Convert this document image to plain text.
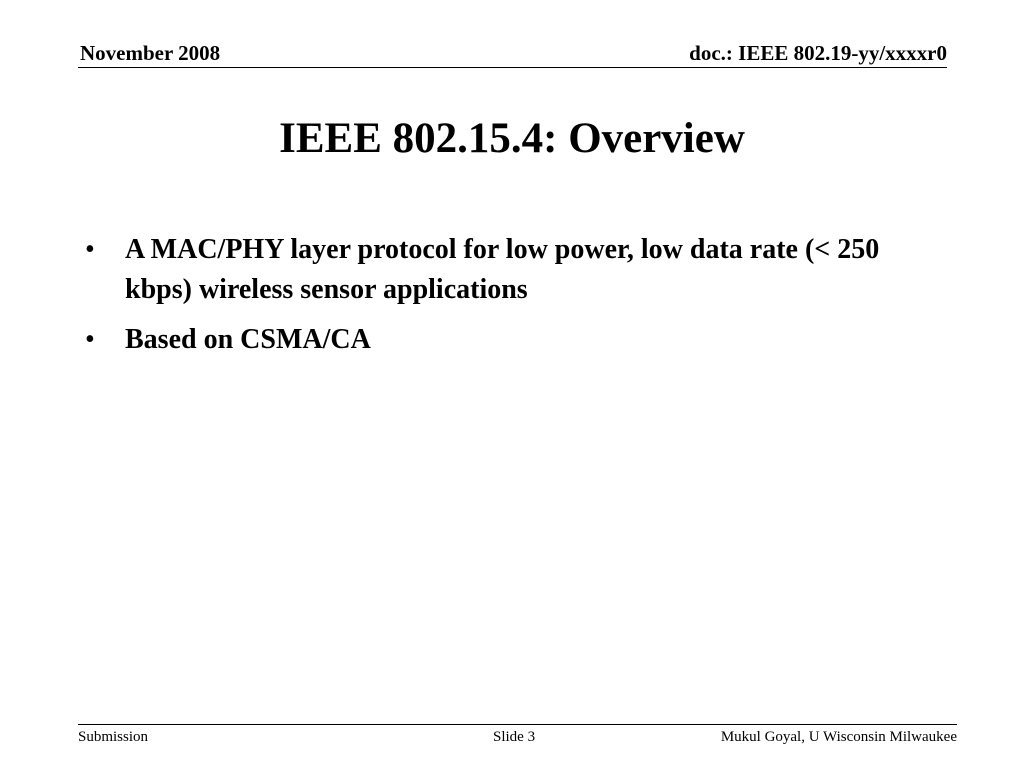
November 2008	doc.: IEEE 802.19-yy/xxxxr0
IEEE 802.15.4: Overview
• A MAC/PHY layer protocol for low power, low data rate (< 250 kbps) wireless sensor applications
• Based on CSMA/CA
Submission	Slide 3	Mukul Goyal, U Wisconsin Milwaukee
